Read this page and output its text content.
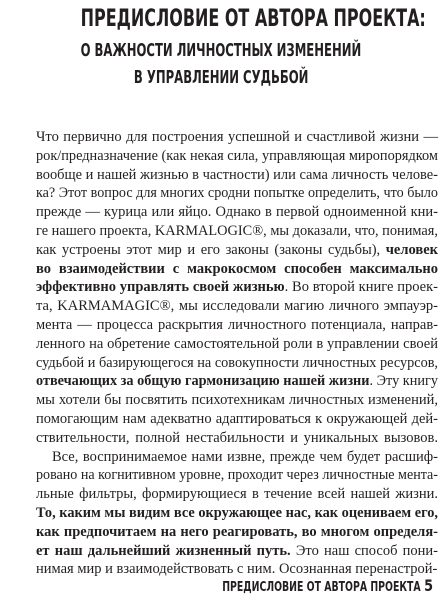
ПРЕДИСЛОВИЕ ОТ АВТОРА ПРОЕКТА:
О ВАЖНОСТИ ЛИЧНОСТНЫХ ИЗМЕНЕНИЙ
В УПРАВЛЕНИИ СУДЬБОЙ
Что первично для построения успешной и счастливой жизни —
рок/предназначение (как некая сила, управляющая миропорядком
вообще и нашей жизнью в частности) или сама личность челове-
ка? Этот вопрос для многих сродни попытке определить, что было
прежде — курица или яйцо. Однако в первой одноименной кни-
ге нашего проекта, KARMALOGIC®, мы доказали, что, понимая,
как устроены этот мир и его законы (законы судьбы), человек
во взаимодействии с макрокосмом способен максимально
эффективно управлять своей жизнью. Во второй книге проек-
та, KARMAMAGIC®, мы исследовали магию личного эмпауэр-
мента — процесса раскрытия личностного потенциала, направ-
ленного на обретение самостоятельной роли в управлении своей
судьбой и базирующегося на совокупности личностных ресурсов,
отвечающих за общую гармонизацию нашей жизни. Эту книгу
мы хотели бы посвятить психотехникам личностных изменений,
помогающим нам адекватно адаптироваться к окружающей дей-
ствительности, полной нестабильности и уникальных вызовов.
Все, воспринимаемое нами извне, прежде чем будет расшиф-
ровано на когнитивном уровне, проходит через личностные мента-
льные фильтры, формирующиеся в течение всей нашей жизни.
То, каким мы видим все окружающее нас, как оцениваем его,
как предпочитаем на него реагировать, во многом определя-
ет наш дальнейший жизненный путь. Это наш способ пони-
нимая мир и взаимодействовать с ним. Осознанная перенастрой-
ПРЕДИСЛОВИЕ ОТ АВТОРА ПРОЕКТА 5
